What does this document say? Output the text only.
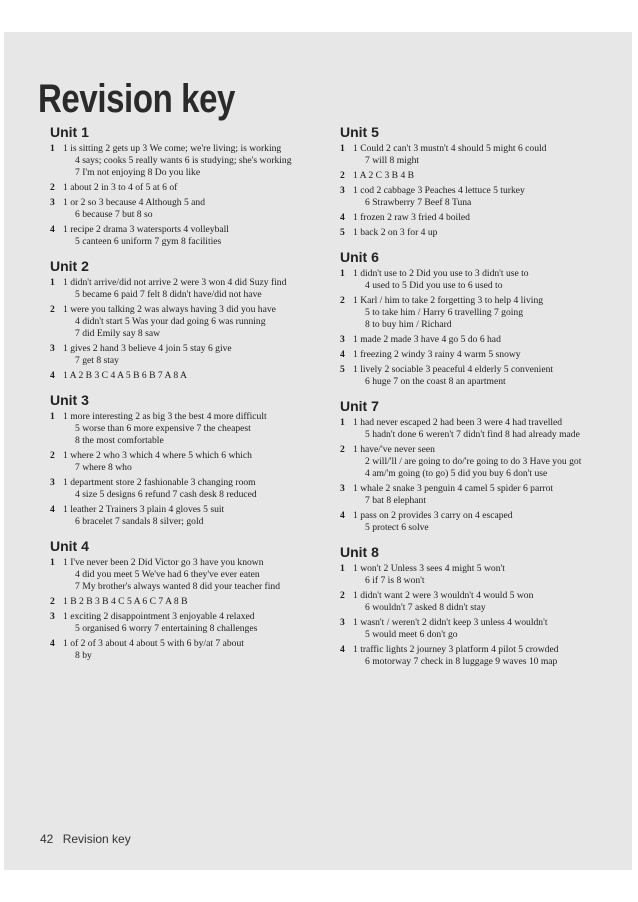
Revision key
Unit 1
1 1 is sitting 2 gets up 3 We come; we're living; is working
4 says; cooks 5 really wants 6 is studying; she's working
7 I'm not enjoying 8 Do you like
2 1 about 2 in 3 to 4 of 5 at 6 of
3 1 or 2 so 3 because 4 Although 5 and
6 because 7 but 8 so
4 1 recipe 2 drama 3 watersports 4 volleyball
5 canteen 6 uniform 7 gym 8 facilities
Unit 2
1 1 didn't arrive/did not arrive 2 were 3 won 4 did Suzy find
5 became 6 paid 7 felt 8 didn't have/did not have
2 1 were you talking 2 was always having 3 did you have
4 didn't start 5 Was your dad going 6 was running
7 did Emily say 8 saw
3 1 gives 2 hand 3 believe 4 join 5 stay 6 give
7 get 8 stay
4 1 A 2 B 3 C 4 A 5 B 6 B 7 A 8 A
Unit 3
1 1 more interesting 2 as big 3 the best 4 more difficult
5 worse than 6 more expensive 7 the cheapest
8 the most comfortable
2 1 where 2 who 3 which 4 where 5 which 6 which
7 where 8 who
3 1 department store 2 fashionable 3 changing room
4 size 5 designs 6 refund 7 cash desk 8 reduced
4 1 leather 2 Trainers 3 plain 4 gloves 5 suit
6 bracelet 7 sandals 8 silver; gold
Unit 4
1 1 I've never been 2 Did Victor go 3 have you known
4 did you meet 5 We've had 6 they've ever eaten
7 My brother's always wanted 8 did your teacher find
2 1 B 2 B 3 B 4 C 5 A 6 C 7 A 8 B
3 1 exciting 2 disappointment 3 enjoyable 4 relaxed
5 organised 6 worry 7 entertaining 8 challenges
4 1 of 2 of 3 about 4 about 5 with 6 by/at 7 about
8 by
Unit 5
1 1 Could 2 can't 3 mustn't 4 should 5 might 6 could
7 will 8 might
2 1 A 2 C 3 B 4 B
3 1 cod 2 cabbage 3 Peaches 4 lettuce 5 turkey
6 Strawberry 7 Beef 8 Tuna
4 1 frozen 2 raw 3 fried 4 boiled
5 1 back 2 on 3 for 4 up
Unit 6
1 1 didn't use to 2 Did you use to 3 didn't use to
4 used to 5 Did you use to 6 used to
2 1 Karl / him to take 2 forgetting 3 to help 4 living
5 to take him / Harry 6 travelling 7 going
8 to buy him / Richard
3 1 made 2 made 3 have 4 go 5 do 6 had
4 1 freezing 2 windy 3 rainy 4 warm 5 snowy
5 1 lively 2 sociable 3 peaceful 4 elderly 5 convenient
6 huge 7 on the coast 8 an apartment
Unit 7
1 1 had never escaped 2 had been 3 were 4 had travelled
5 hadn't done 6 weren't 7 didn't find 8 had already made
2 1 have/'ve never seen
2 will/'ll / are going to do/'re going to do 3 Have you got
4 am/'m going (to go) 5 did you buy 6 don't use
3 1 whale 2 snake 3 penguin 4 camel 5 spider 6 parrot
7 bat 8 elephant
4 1 pass on 2 provides 3 carry on 4 escaped
5 protect 6 solve
Unit 8
1 1 won't 2 Unless 3 sees 4 might 5 won't
6 if 7 is 8 won't
2 1 didn't want 2 were 3 wouldn't 4 would 5 won
6 wouldn't 7 asked 8 didn't stay
3 1 wasn't / weren't 2 didn't keep 3 unless 4 wouldn't
5 would meet 6 don't go
4 1 traffic lights 2 journey 3 platform 4 pilot 5 crowded
6 motorway 7 check in 8 luggage 9 waves 10 map
42 Revision key
